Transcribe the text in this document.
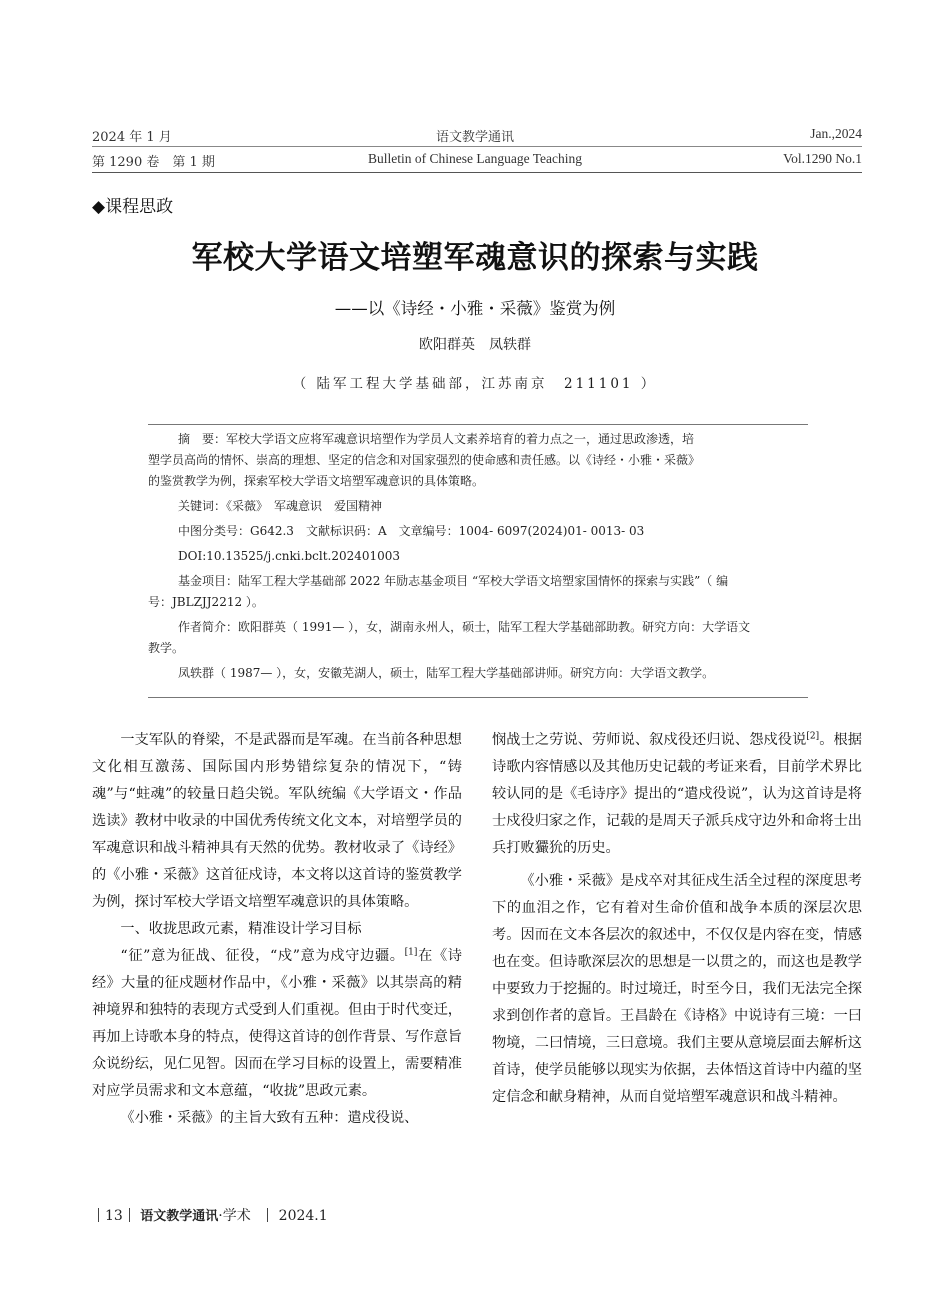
2024 年 1 月
第 1290 卷　第 1 期
语文教学通讯
Bulletin of Chinese Language Teaching
Jan.,2024
Vol.1290 No.1
◆课程思政
军校大学语文培塑军魂意识的探索与实践
——以《诗经・小雅・采薇》鉴赏为例
欧阳群英　凤轶群
（ 陆军工程大学基础部，江苏南京　211101 ）
摘　要：军校大学语文应将军魂意识培塑作为学员人文素养培育的着力点之一，通过思政渗透，培
塑学员高尚的情怀、崇高的理想、坚定的信念和对国家强烈的使命感和责任感。以《诗经・小雅・采薇》
的鉴赏教学为例，探索军校大学语文培塑军魂意识的具体策略。
关键词：《采薇》　军魂意识　爱国精神
中图分类号：G642.3　文献标识码：A　文章编号：1004- 6097(2024)01- 0013- 03
DOI:10.13525/j.cnki.bclt.202401003
基金项目：陆军工程大学基础部 2022 年励志基金项目 “军校大学语文培塑家国情怀的探索与实践”（ 编
号：JBLZJJ2212 ）。
作者简介：欧阳群英（ 1991— ），女，湖南永州人，硕士，陆军工程大学基础部助教。研究方向：大学语文
教学。
凤轶群（ 1987— ），女，安徽芜湖人，硕士，陆军工程大学基础部讲师。研究方向：大学语文教学。

一支军队的脊梁，不是武器而是军魂。在当前各种思想文化相互激荡、国际国内形势错综复杂的情况下，“铸魂”与“蛀魂”的较量日趋尖锐。军队统编《大学语文・作品选读》教材中收录的中国优秀传统文化文本，对培塑学员的军魂意识和战斗精神具有天然的优势。教材收录了《诗经》的《小雅・采薇》这首征戍诗，本文将以这首诗的鉴赏教学为例，探讨军校大学语文培塑军魂意识的具体策略。

一、收拢思政元素，精准设计学习目标

“征”意为征战、征役，“戍”意为戍守边疆。[1]在《诗经》大量的征戍题材作品中，《小雅・采薇》以其崇高的精神境界和独特的表现方式受到人们重视。但由于时代变迁，再加上诗歌本身的特点，使得这首诗的创作背景、写作意旨众说纷纭，见仁见智。因而在学习目标的设置上，需要精准对应学员需求和文本意蕴，“收拢”思政元素。

《小雅・采薇》的主旨大致有五种：遣戍役说、

悯战士之劳说、劳师说、叙戍役还归说、怨戍役说[2]。根据诗歌内容情感以及其他历史记载的考证来看，目前学术界比较认同的是《毛诗序》提出的“遣戍役说”，认为这首诗是将士戍役归家之作，记载的是周天子派兵戍守边外和命将士出兵打败玁狁的历史。

《小雅・采薇》是戍卒对其征戍生活全过程的深度思考下的血泪之作，它有着对生命价值和战争本质的深层次思考。因而在文本各层次的叙述中，不仅仅是内容在变，情感也在变。但诗歌深层次的思想是一以贯之的，而这也是教学中要致力于挖掘的。时过境迁，时至今日，我们无法完全探求到创作者的意旨。王昌龄在《诗格》中说诗有三境：一曰物境，二曰情境，三曰意境。我们主要从意境层面去解析这首诗，使学员能够以现实为依据，去体悟这首诗中内蕴的坚定信念和献身精神，从而自觉培塑军魂意识和战斗精神。

13 语文教学通讯·学术 2024.1
